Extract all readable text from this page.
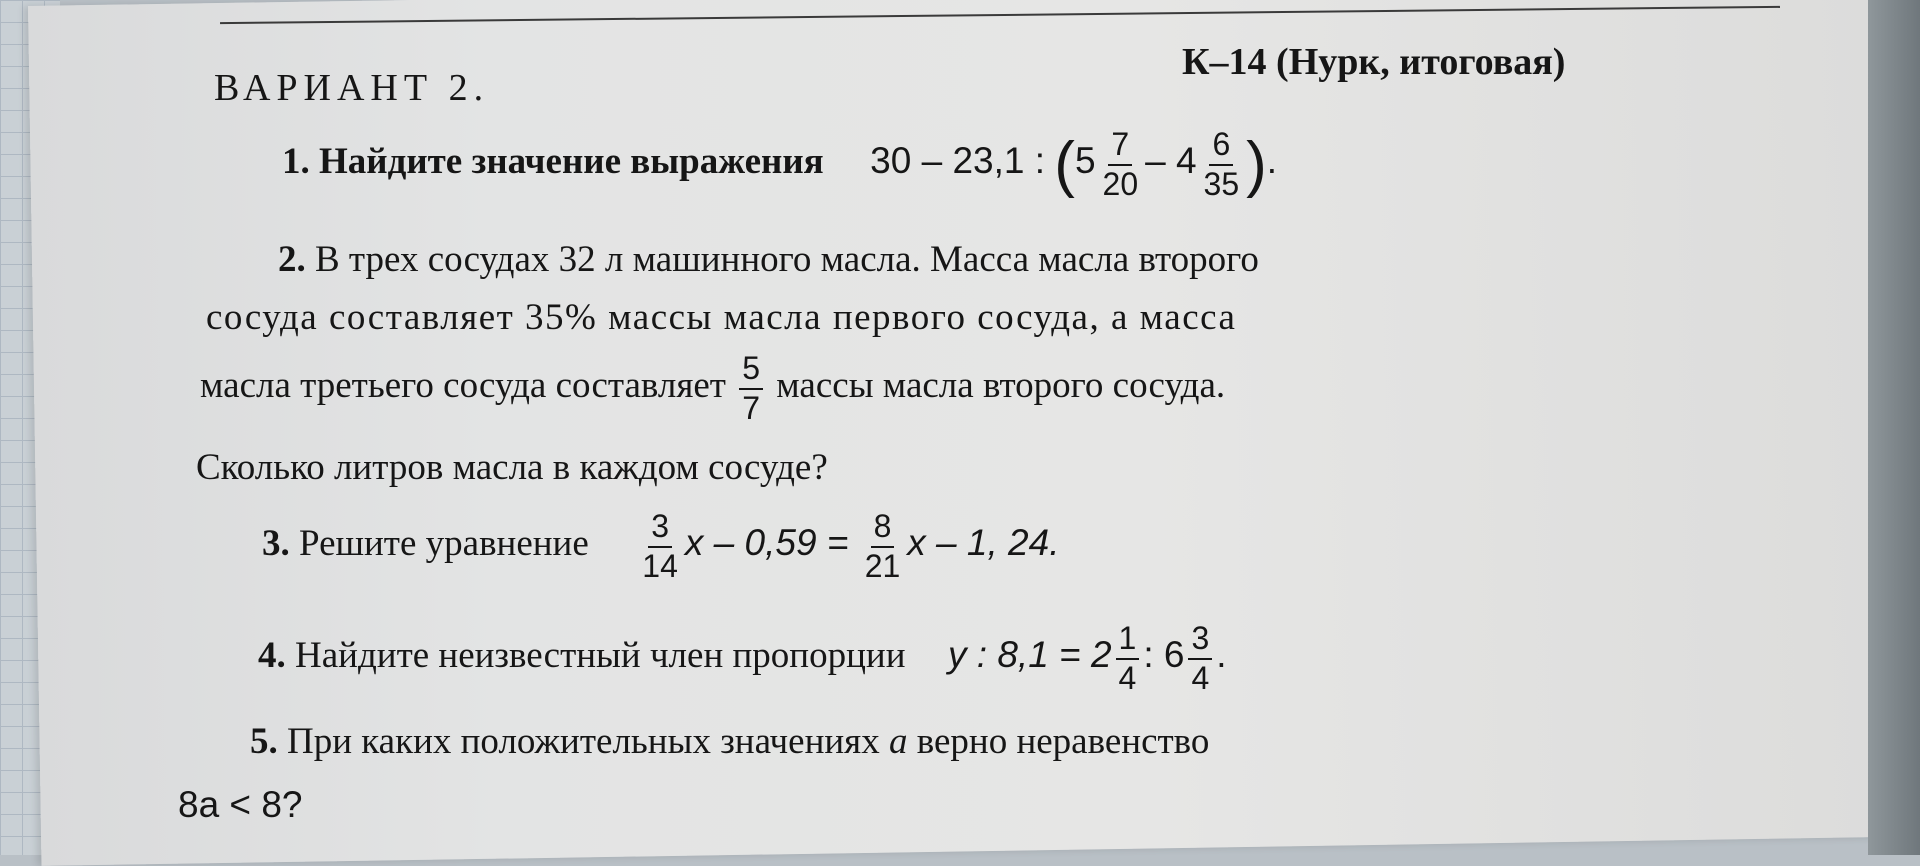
ВАРИАНТ 2.
К–14 (Нурк, итоговая)
1. Найдите значение выражения 30 – 23,1 : ($5 \frac{7}{20} - 4 \frac{6}{35}$ ).
2. В трех сосудах 32 л машинного масла. Масса масла второго
сосуда составляет 35% массы масла первого сосуда, а масса
масла третьего сосуда составляет $\frac{5}{7}$ массы масла второго сосуда.
Сколько литров масла в каждом сосуде?
3. Решите уравнение $\frac{3}{14}$ $x - 0,59 = \frac{8}{21}$ x – 1, 24.
4. Найдите неизвестный член пропорции y : $8,1 = 2 \frac{1}{4}$ : $6 \frac{3}{4}$ .
5. При каких положительных значениях a верно неравенство
8a < 8?
